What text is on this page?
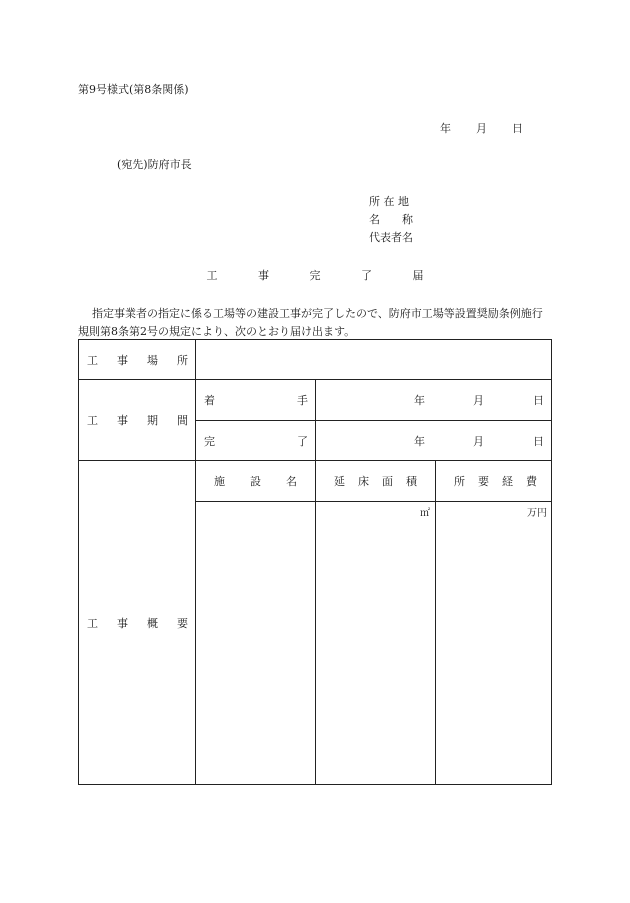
第9号様式(第8条関係)
年 月 日
(宛先)防府市長
所 在 地
名　　称
代表者名
工	事	完	了	届
指定事業者の指定に係る工場等の建設工事が完了したので、防府市工場等設置奨励条例施行規則第8条第2号の規定により、次のとおり届け出ます。
工 事 場 所			

工 事 期 間	着 手	年 月 日	

	完 了	年 月 日	

工 事 概 要	施 設 名	延 床 面 積	所 要 経 費

		㎡	万円
